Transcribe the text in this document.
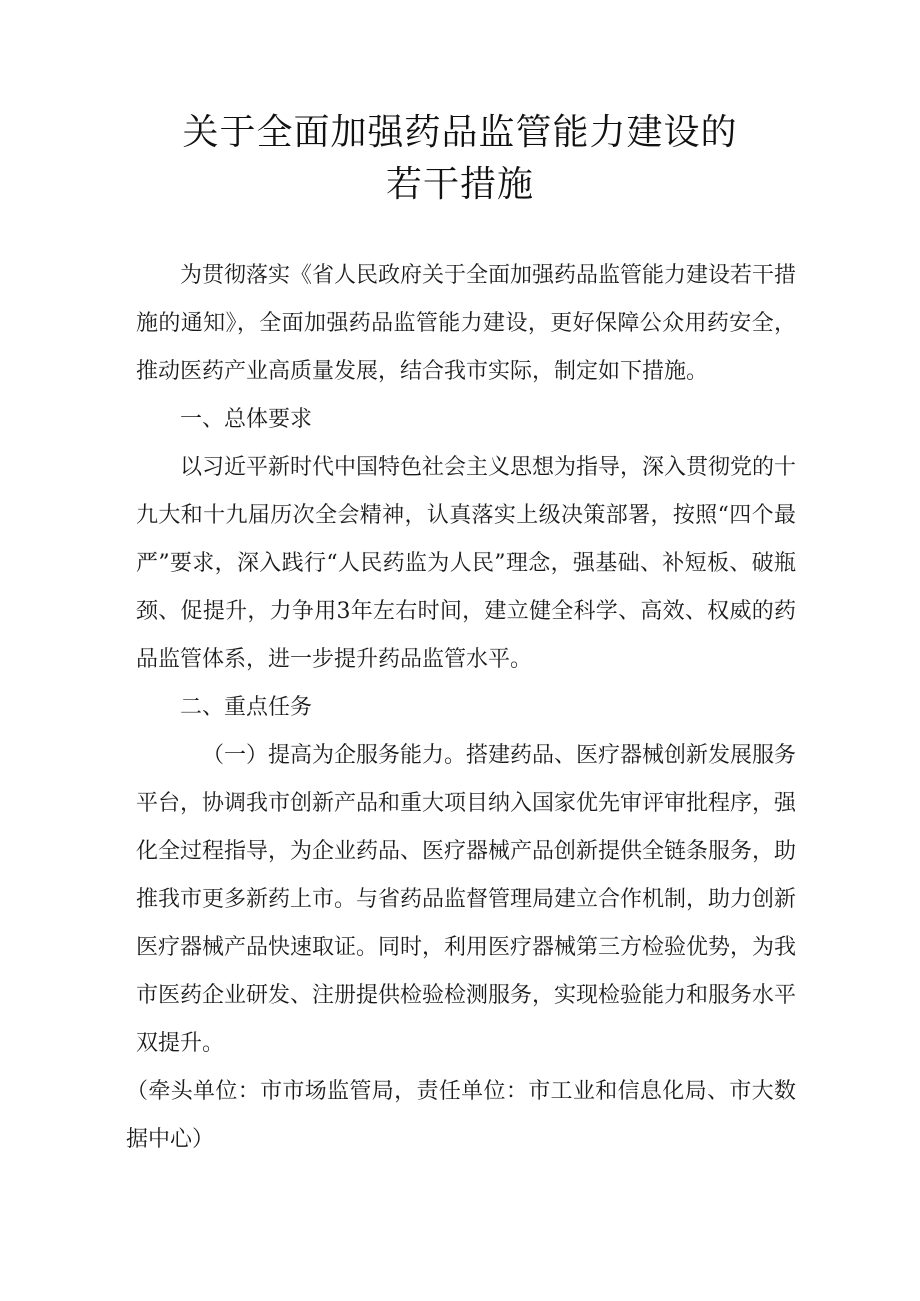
关于全面加强药品监管能力建设的
若干措施

为贯彻落实《省人民政府关于全面加强药品监管能力建设若干措施的通知》，全面加强药品监管能力建设，更好保障公众用药安全，推动医药产业高质量发展，结合我市实际，制定如下措施。

一、总体要求

以习近平新时代中国特色社会主义思想为指导，深入贯彻党的十九大和十九届历次全会精神，认真落实上级决策部署，按照“四个最严”要求，深入践行“人民药监为人民”理念，强基础、补短板、破瓶颈、促提升，力争用3年左右时间，建立健全科学、高效、权威的药品监管体系，进一步提升药品监管水平。

二、重点任务

（一）提高为企服务能力。搭建药品、医疗器械创新发展服务平台，协调我市创新产品和重大项目纳入国家优先审评审批程序，强化全过程指导，为企业药品、医疗器械产品创新提供全链条服务，助推我市更多新药上市。与省药品监督管理局建立合作机制，助力创新医疗器械产品快速取证。同时，利用医疗器械第三方检验优势，为我市医药企业研发、注册提供检验检测服务，实现检验能力和服务水平双提升。

（牵头单位：市市场监管局，责任单位：市工业和信息化局、市大数据中心）
